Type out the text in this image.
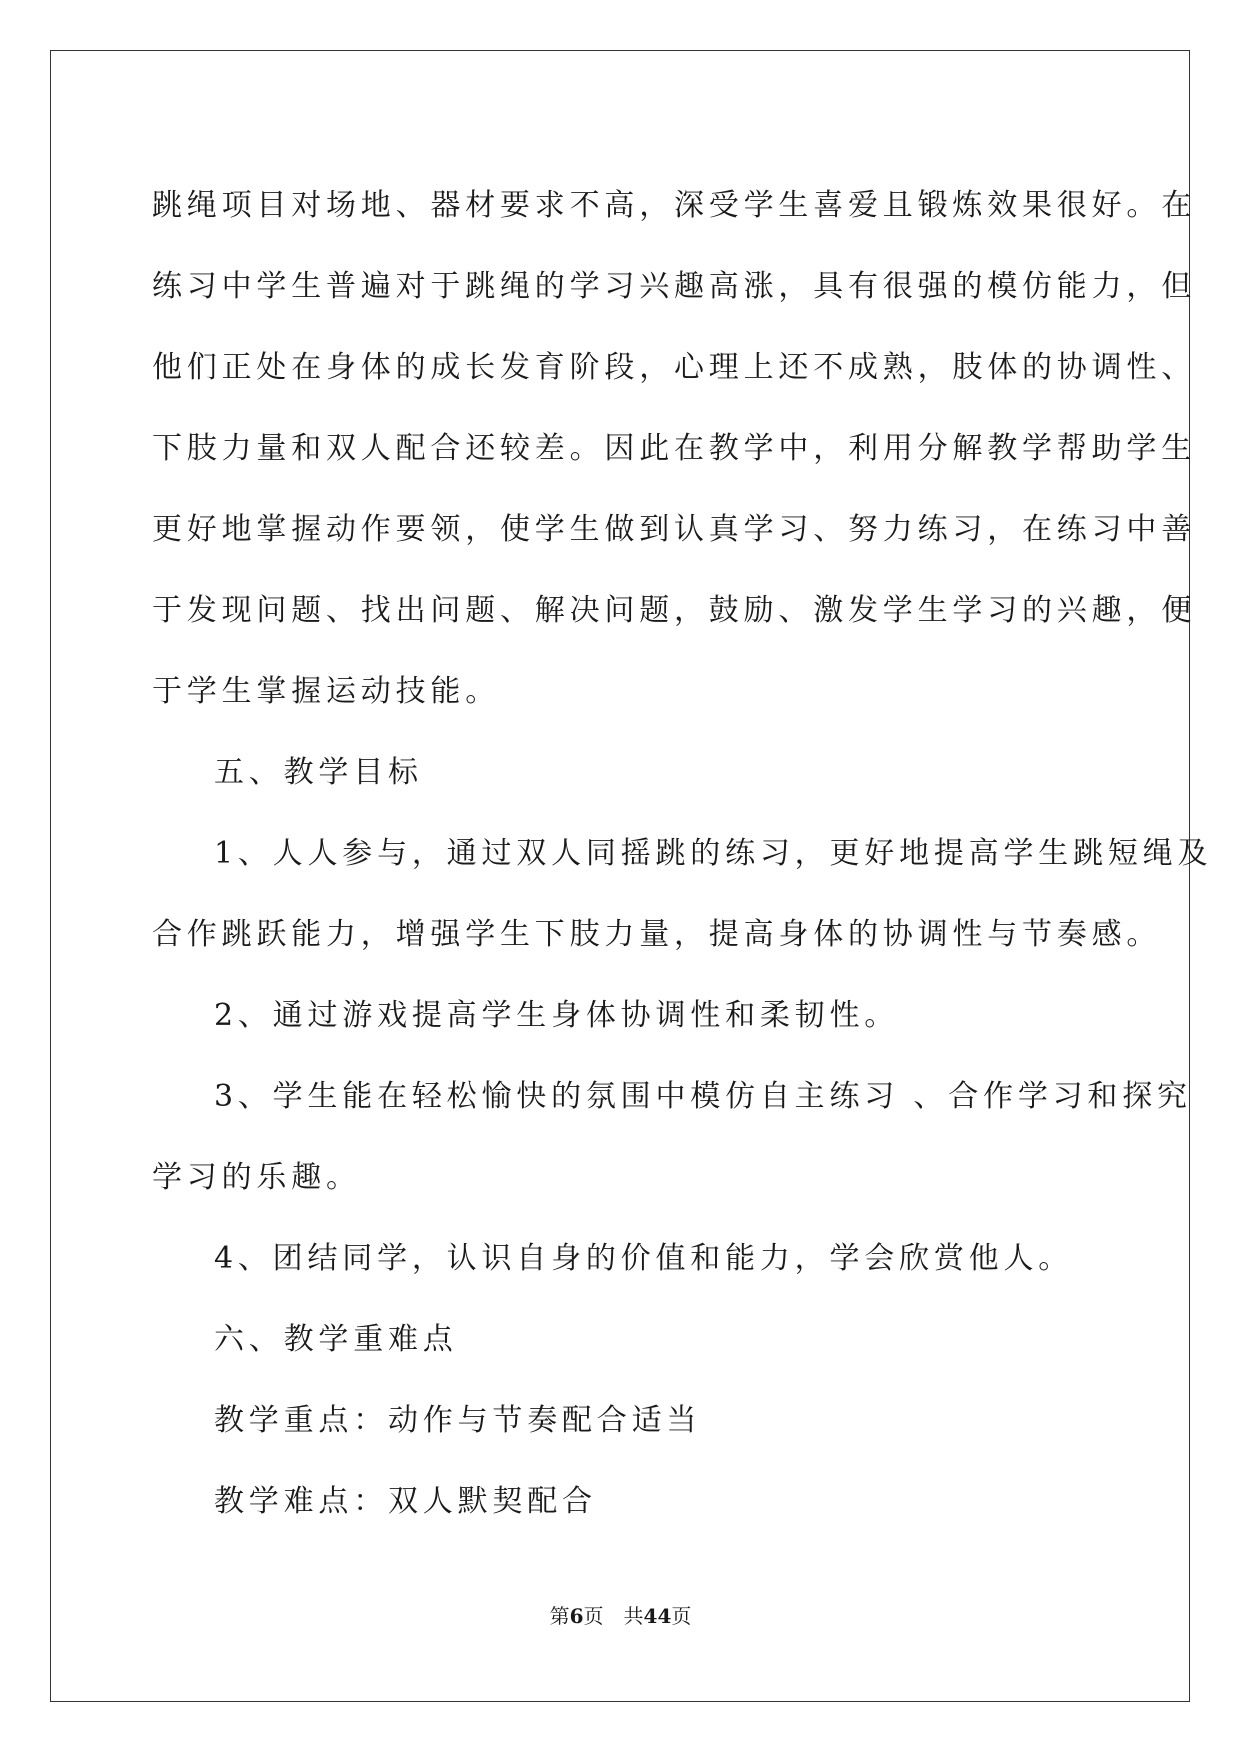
跳绳项目对场地、器材要求不高，深受学生喜爱且锻炼效果很好。在

练习中学生普遍对于跳绳的学习兴趣高涨，具有很强的模仿能力，但

他们正处在身体的成长发育阶段，心理上还不成熟，肢体的协调性、

下肢力量和双人配合还较差。因此在教学中，利用分解教学帮助学生

更好地掌握动作要领，使学生做到认真学习、努力练习，在练习中善

于发现问题、找出问题、解决问题，鼓励、激发学生学习的兴趣，便

于学生掌握运动技能。

五、教学目标

1、人人参与，通过双人同摇跳的练习，更好地提高学生跳短绳及

合作跳跃能力，增强学生下肢力量，提高身体的协调性与节奏感。

2、通过游戏提高学生身体协调性和柔韧性。

3、学生能在轻松愉快的氛围中模仿自主练习 、合作学习和探究

学习的乐趣。

4、团结同学，认识自身的价值和能力，学会欣赏他人。

六、教学重难点

教学重点：动作与节奏配合适当

教学难点：双人默契配合

第6页 共44页
